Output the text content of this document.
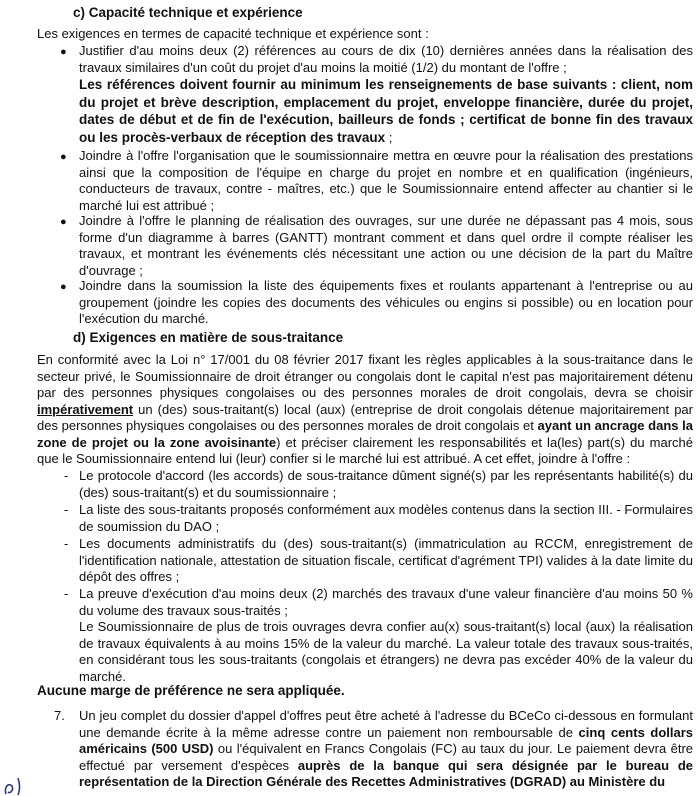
c) Capacité technique et expérience
Les exigences en termes de capacité technique et expérience sont :
● Justifier d'au moins deux (2) références au cours de dix (10) dernières années dans la réalisation des travaux similaires d'un coût du projet d'au moins la moitié (1/2) du montant de l'offre ;
Les références doivent fournir au minimum les renseignements de base suivants : client, nom du projet et brève description, emplacement du projet, enveloppe financière, durée du projet, dates de début et de fin de l'exécution, bailleurs de fonds ; certificat de bonne fin des travaux ou les procès-verbaux de réception des travaux ;
● Joindre à l'offre l'organisation que le soumissionnaire mettra en œuvre pour la réalisation des prestations ainsi que la composition de l'équipe en charge du projet en nombre et en qualification (ingénieurs, conducteurs de travaux, contre - maîtres, etc.) que le Soumissionnaire entend affecter au chantier si le marché lui est attribué ;
● Joindre à l'offre le planning de réalisation des ouvrages, sur une durée ne dépassant pas 4 mois, sous forme d'un diagramme à barres (GANTT) montrant comment et dans quel ordre il compte réaliser les travaux, et montrant les événements clés nécessitant une action ou une décision de la part du Maître d'ouvrage ;
● Joindre dans la soumission la liste des équipements fixes et roulants appartenant à l'entreprise ou au groupement (joindre les copies des documents des véhicules ou engins si possible) ou en location pour l'exécution du marché.
d) Exigences en matière de sous-traitance
En conformité avec la Loi n° 17/001 du 08 février 2017 fixant les règles applicables à la sous-traitance dans le secteur privé, le Soumissionnaire de droit étranger ou congolais dont le capital n'est pas majoritairement détenu par des personnes physiques congolaises ou des personnes morales de droit congolais, devra se choisir impérativement un (des) sous-traitant(s) local (aux) (entreprise de droit congolais détenue majoritairement par des personnes physiques congolaises ou des personnes morales de droit congolais et ayant un ancrage dans la zone de projet ou la zone avoisinante) et préciser clairement les responsabilités et la(les) part(s) du marché que le Soumissionnaire entend lui (leur) confier si le marché lui est attribué. A cet effet, joindre à l'offre :
- Le protocole d'accord (les accords) de sous-traitance dûment signé(s) par les représentants habilité(s) du (des) sous-traitant(s) et du soumissionnaire ;
- La liste des sous-traitants proposés conformément aux modèles contenus dans la section III. - Formulaires de soumission du DAO ;
- Les documents administratifs du (des) sous-traitant(s) (immatriculation au RCCM, enregistrement de l'identification nationale, attestation de situation fiscale, certificat d'agrément TPI) valides à la date limite du dépôt des offres ;
- La preuve d'exécution d'au moins deux (2) marchés des travaux d'une valeur financière d'au moins 50 % du volume des travaux sous-traités ;
Le Soumissionnaire de plus de trois ouvrages devra confier au(x) sous-traitant(s) local (aux) la réalisation de travaux équivalents à au moins 15% de la valeur du marché. La valeur totale des travaux sous-traités, en considérant tous les sous-traitants (congolais et étrangers) ne devra pas excéder 40% de la valeur du marché.
Aucune marge de préférence ne sera appliquée.
7. Un jeu complet du dossier d'appel d'offres peut être acheté à l'adresse du BCeCo ci-dessous en formulant une demande écrite à la même adresse contre un paiement non remboursable de cinq cents dollars américains (500 USD) ou l'équivalent en Francs Congolais (FC) au taux du jour. Le paiement devra être effectué par versement d'espèces auprès de la banque qui sera désignée par le bureau de représentation de la Direction Générale des Recettes Administratives (DGRAD) au Ministère du
